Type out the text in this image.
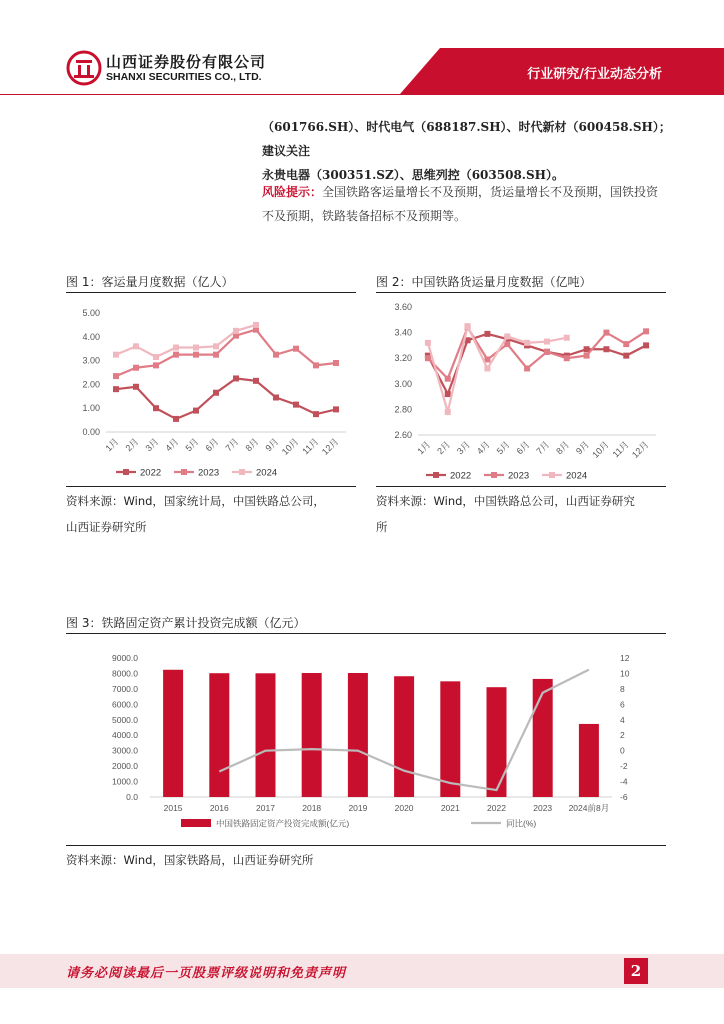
山西证券股份有限公司
SHANXI SECURITIES CO., LTD.	行业研究/行业动态分析
（601766.SH）、时代电气（688187.SH）、时代新材（600458.SH）；建议关注
永贵电器（300351.SZ）、思维列控（603508.SH）。
风险提示：全国铁路客运量增长不及预期，货运量增长不及预期，国铁投资
不及预期，铁路装备招标不及预期等。
图 1：客运量月度数据（亿人）
0.00
1.00
2.00
3.00
4.00
5.00
1月 2月 3月 4月 5月 6月 7月 8月 9月 10月 11月 12月
2022	2023	2024
资料来源：Wind，国家统计局，中国铁路总公司，
山西证券研究所
图 2：中国铁路货运量月度数据（亿吨）
2.60
2.80
3.00
3.20
3.40
3.60
1月 2月 3月 4月 5月 6月 7月 8月 9月 10月 11月 12月
2022	2023	2024
资料来源：Wind，中国铁路总公司，山西证券研究
所
图 3：铁路固定资产累计投资完成额（亿元）
0.0
1000.0
2000.0
3000.0
4000.0
5000.0
6000.0
7000.0
8000.0
9000.0
-6
-4
-2
0
2
4
6
8
10
12
2015	2016	2017	2018	2019	2020	2021	2022	2023 2024前8月
中国铁路固定资产投资完成额(亿元)	同比(%)
资料来源：Wind，国家铁路局，山西证券研究所
请务必阅读最后一页股票评级说明和免责声明	2
